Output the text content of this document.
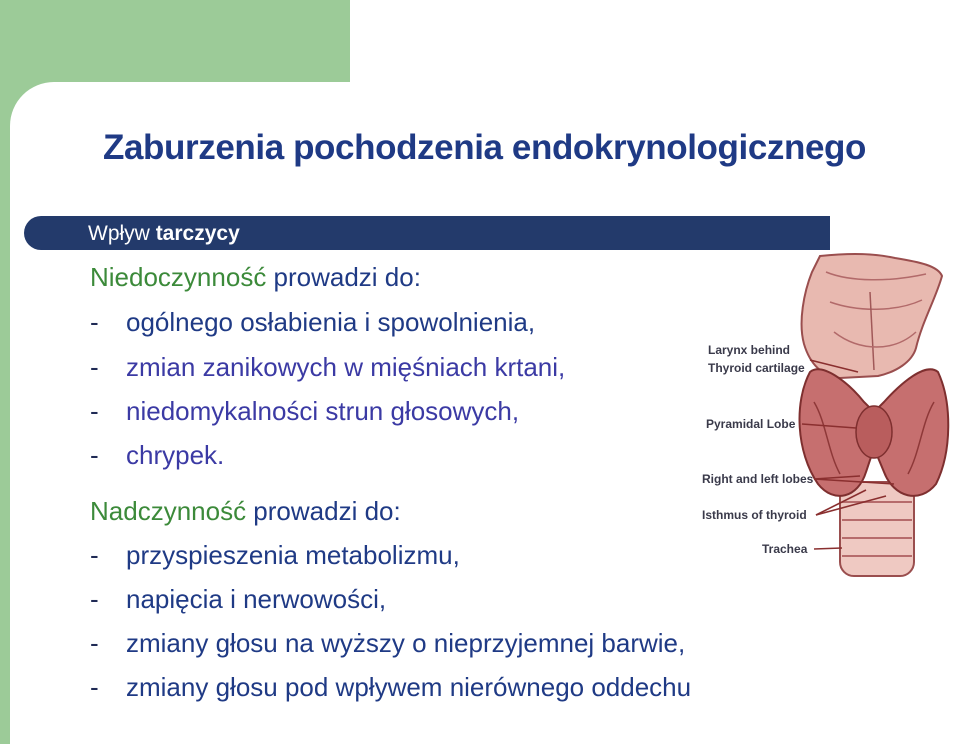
Zaburzenia pochodzenia endokrynologicznego
Wpływ tarczycy

Niedoczynność prowadzi do:

- ogólnego osłabienia i spowolnienia,
- zmian zanikowych w mięśniach krtani,
- niedomykalności strun głosowych,
- chrypek.

Nadczynność prowadzi do:

- przyspieszenia metabolizmu,
- napięcia i nerwowości,
- zmiany głosu na wyższy o nieprzyjemnej barwie,
- zmiany głosu pod wpływem nierównego oddechu
Larynx behind
Thyroid cartilage
Pyramidal Lobe
Right and left lobes
Isthmus of thyroid
Trachea
